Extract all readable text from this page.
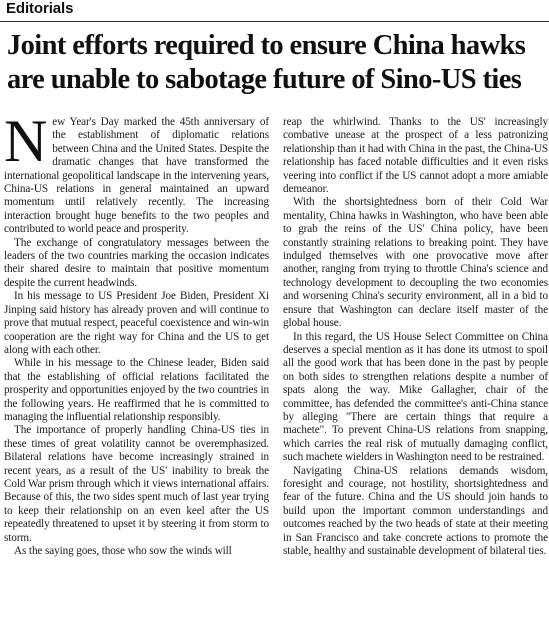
Editorials
Joint efforts required to ensure China hawks are unable to sabotage future of Sino-US ties

New Year's Day marked the 45th anniversary of the establishment of diplomatic relations between China and the United States. Despite the dramatic changes that have transformed the international geopolitical landscape in the intervening years, China-US relations in general maintained an upward momentum until relatively recently. The increasing interaction brought huge benefits to the two peoples and contributed to world peace and prosperity.

The exchange of congratulatory messages between the leaders of the two countries marking the occasion indicates their shared desire to maintain that positive momentum despite the current headwinds.

In his message to US President Joe Biden, President Xi Jinping said history has already proven and will continue to prove that mutual respect, peaceful coexistence and win-win cooperation are the right way for China and the US to get along with each other.

While in his message to the Chinese leader, Biden said that the establishing of official relations facilitated the prosperity and opportunities enjoyed by the two countries in the following years. He reaffirmed that he is committed to managing the influential relationship responsibly.

The importance of properly handling China-US ties in these times of great volatility cannot be overemphasized. Bilateral relations have become increasingly strained in recent years, as a result of the US' inability to break the Cold War prism through which it views international affairs. Because of this, the two sides spent much of last year trying to keep their relationship on an even keel after the US repeatedly threatened to upset it by steering it from storm to storm.

As the saying goes, those who sow the winds will

reap the whirlwind. Thanks to the US' increasingly combative unease at the prospect of a less patronizing relationship than it had with China in the past, the China-US relationship has faced notable difficulties and it even risks veering into conflict if the US cannot adopt a more amiable demeanor.

With the shortsightedness born of their Cold War mentality, China hawks in Washington, who have been able to grab the reins of the US' China policy, have been constantly straining relations to breaking point. They have indulged themselves with one provocative move after another, ranging from trying to throttle China's science and technology development to decoupling the two economies and worsening China's security environment, all in a bid to ensure that Washington can declare itself master of the global house.

In this regard, the US House Select Committee on China deserves a special mention as it has done its utmost to spoil all the good work that has been done in the past by people on both sides to strengthen relations despite a number of spats along the way. Mike Gallagher, chair of the committee, has defended the committee's anti-China stance by alleging "There are certain things that require a machete". To prevent China-US relations from snapping, which carries the real risk of mutually damaging conflict, such machete wielders in Washington need to be restrained.

Navigating China-US relations demands wisdom, foresight and courage, not hostility, shortsightedness and fear of the future. China and the US should join hands to build upon the important common understandings and outcomes reached by the two heads of state at their meeting in San Francisco and take concrete actions to promote the stable, healthy and sustainable development of bilateral ties.
